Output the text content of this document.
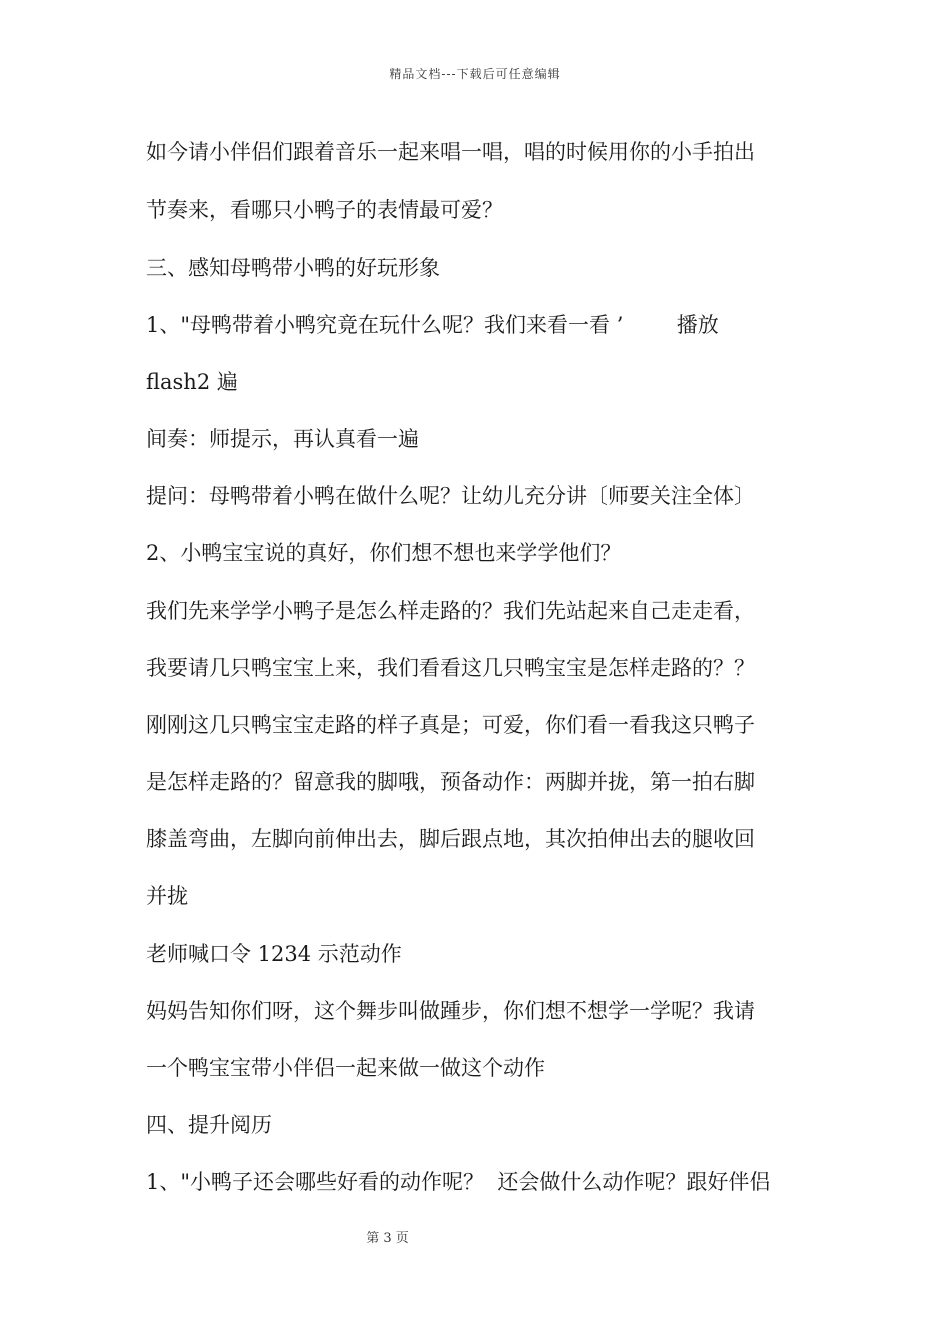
精品文档---下载后可任意编辑
如今请小伴侣们跟着音乐一起来唱一唱，唱的时候用你的小手拍出
节奏来，看哪只小鸭子的表情最可爱？
三、感知母鸭带小鸭的好玩形象
1、"母鸭带着小鸭究竟在玩什么呢？我们来看一看 ’        播放
flash2 遍
间奏：师提示，再认真看一遍
提问：母鸭带着小鸭在做什么呢？让幼儿充分讲〔师要关注全体〕
2、小鸭宝宝说的真好，你们想不想也来学学他们？
我们先来学学小鸭子是怎么样走路的？我们先站起来自己走走看，
我要请几只鸭宝宝上来，我们看看这几只鸭宝宝是怎样走路的？？
刚刚这几只鸭宝宝走路的样子真是；可爱，你们看一看我这只鸭子
是怎样走路的？留意我的脚哦，预备动作：两脚并拢，第一拍右脚
膝盖弯曲，左脚向前伸出去，脚后跟点地，其次拍伸出去的腿收回
并拢
老师喊口令 1234 示范动作
妈妈告知你们呀，这个舞步叫做踵步，你们想不想学一学呢？我请
一个鸭宝宝带小伴侣一起来做一做这个动作
四、提升阅历
1、"小鸭子还会哪些好看的动作呢？  还会做什么动作呢？跟好伴侣
第 3 页
